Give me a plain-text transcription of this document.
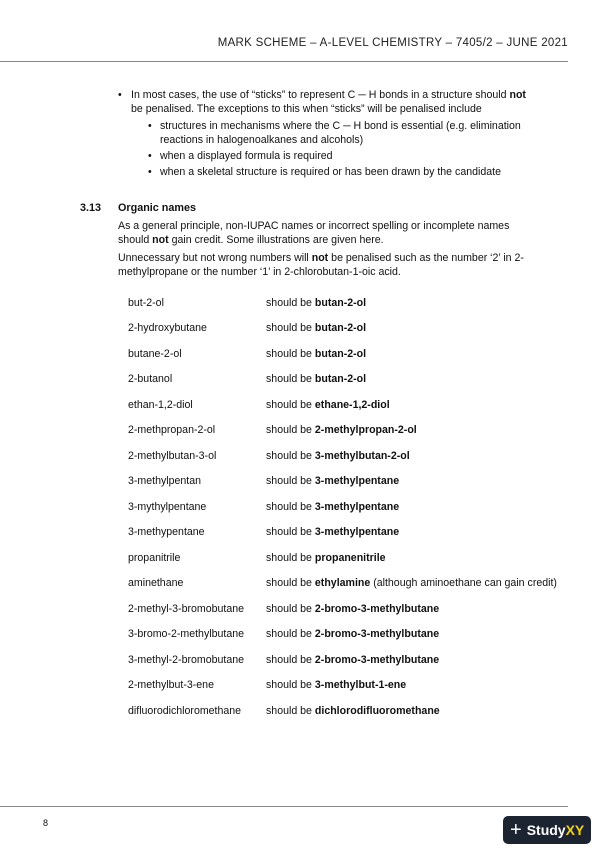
MARK SCHEME – A-LEVEL CHEMISTRY – 7405/2 – JUNE 2021
• In most cases, the use of “sticks” to represent C ─ H bonds in a structure should not
be penalised. The exceptions to this when “sticks” will be penalised include
• structures in mechanisms where the C ─ H bond is essential (e.g. elimination
reactions in halogenoalkanes and alcohols)
• when a displayed formula is required
• when a skeletal structure is required or has been drawn by the candidate
3.13 Organic names
As a general principle, non-IUPAC names or incorrect spelling or incomplete names
should not gain credit. Some illustrations are given here.
Unnecessary but not wrong numbers will not be penalised such as the number ‘2’ in 2-
methylpropane or the number ‘1’ in 2-chlorobutan-1-oic acid.
but-2-ol	should be butan-2-ol
2-hydroxybutane	should be butan-2-ol
butane-2-ol	should be butan-2-ol
2-butanol	should be butan-2-ol
ethan-1,2-diol	should be ethane-1,2-diol
2-methpropan-2-ol	should be 2-methylpropan-2-ol
2-methylbutan-3-ol	should be 3-methylbutan-2-ol
3-methylpentan	should be 3-methylpentane
3-mythylpentane	should be 3-methylpentane
3-methypentane	should be 3-methylpentane
propanitrile	should be propanenitrile
aminethane	should be ethylamine (although aminoethane can gain credit)
2-methyl-3-bromobutane should be 2-bromo-3-methylbutane
3-bromo-2-methylbutane should be 2-bromo-3-methylbutane
3-methyl-2-bromobutane should be 2-bromo-3-methylbutane
2-methylbut-3-ene	should be 3-methylbut-1-ene
difluorodichloromethane should be dichlorodifluoromethane
8	+ Study XY
